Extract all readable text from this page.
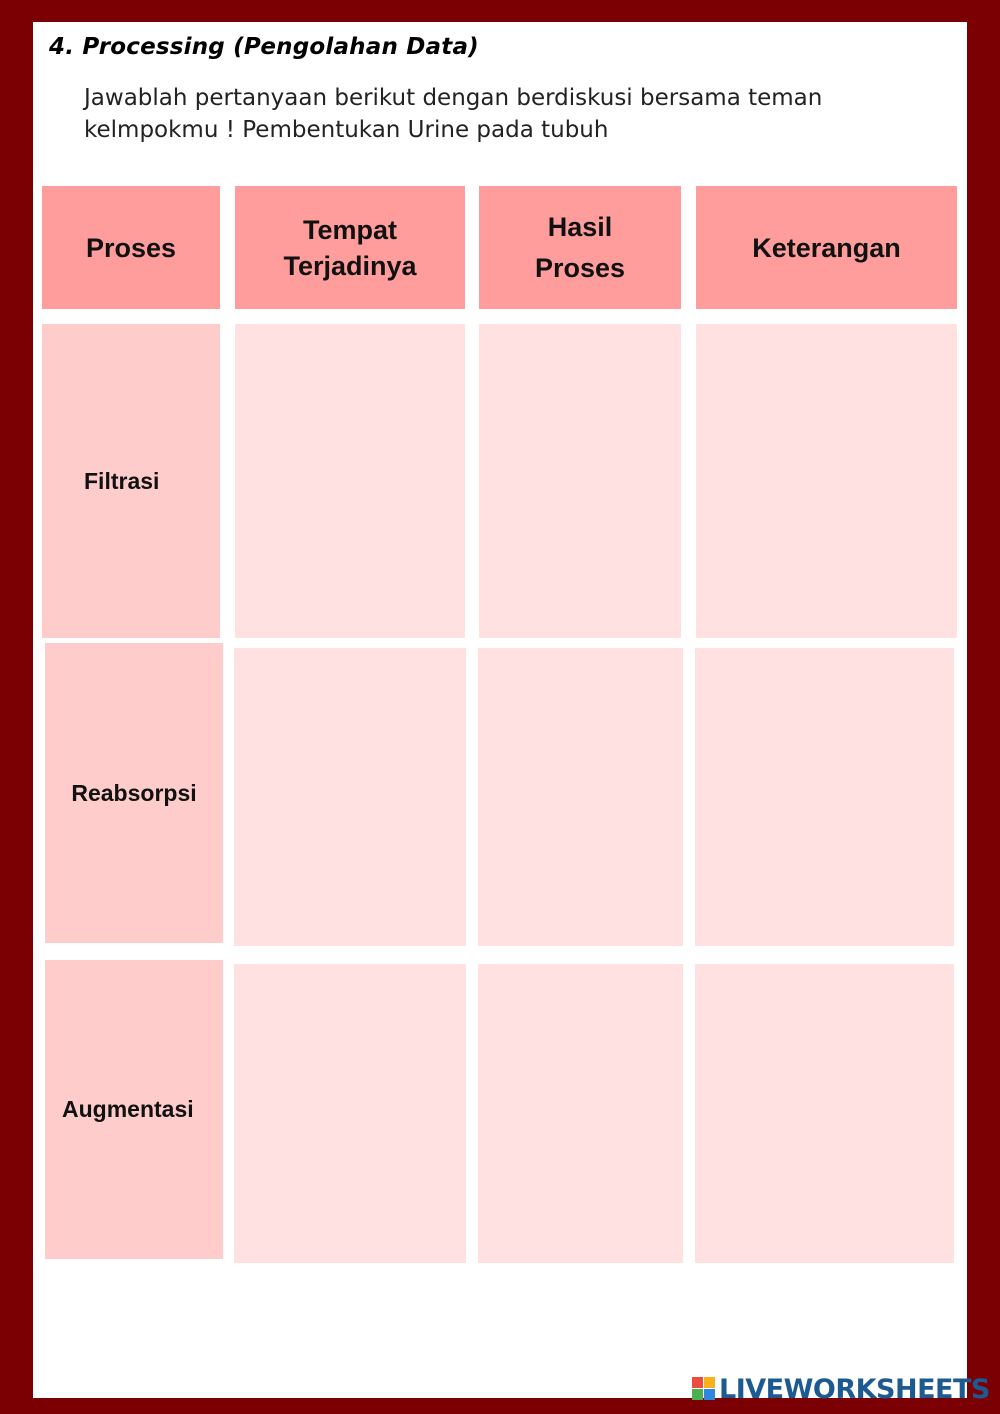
4. Processing (Pengolahan Data)

Jawablah pertanyaan berikut dengan berdiskusi bersama teman
kelmpokmu ! Pembentukan Urine pada tubuh

Proses
Tempat
Terjadinya
Hasil
Proses
Keterangan
Filtrasi
Reabsorpsi
Augmentasi
LIVEWORKSHEETS
